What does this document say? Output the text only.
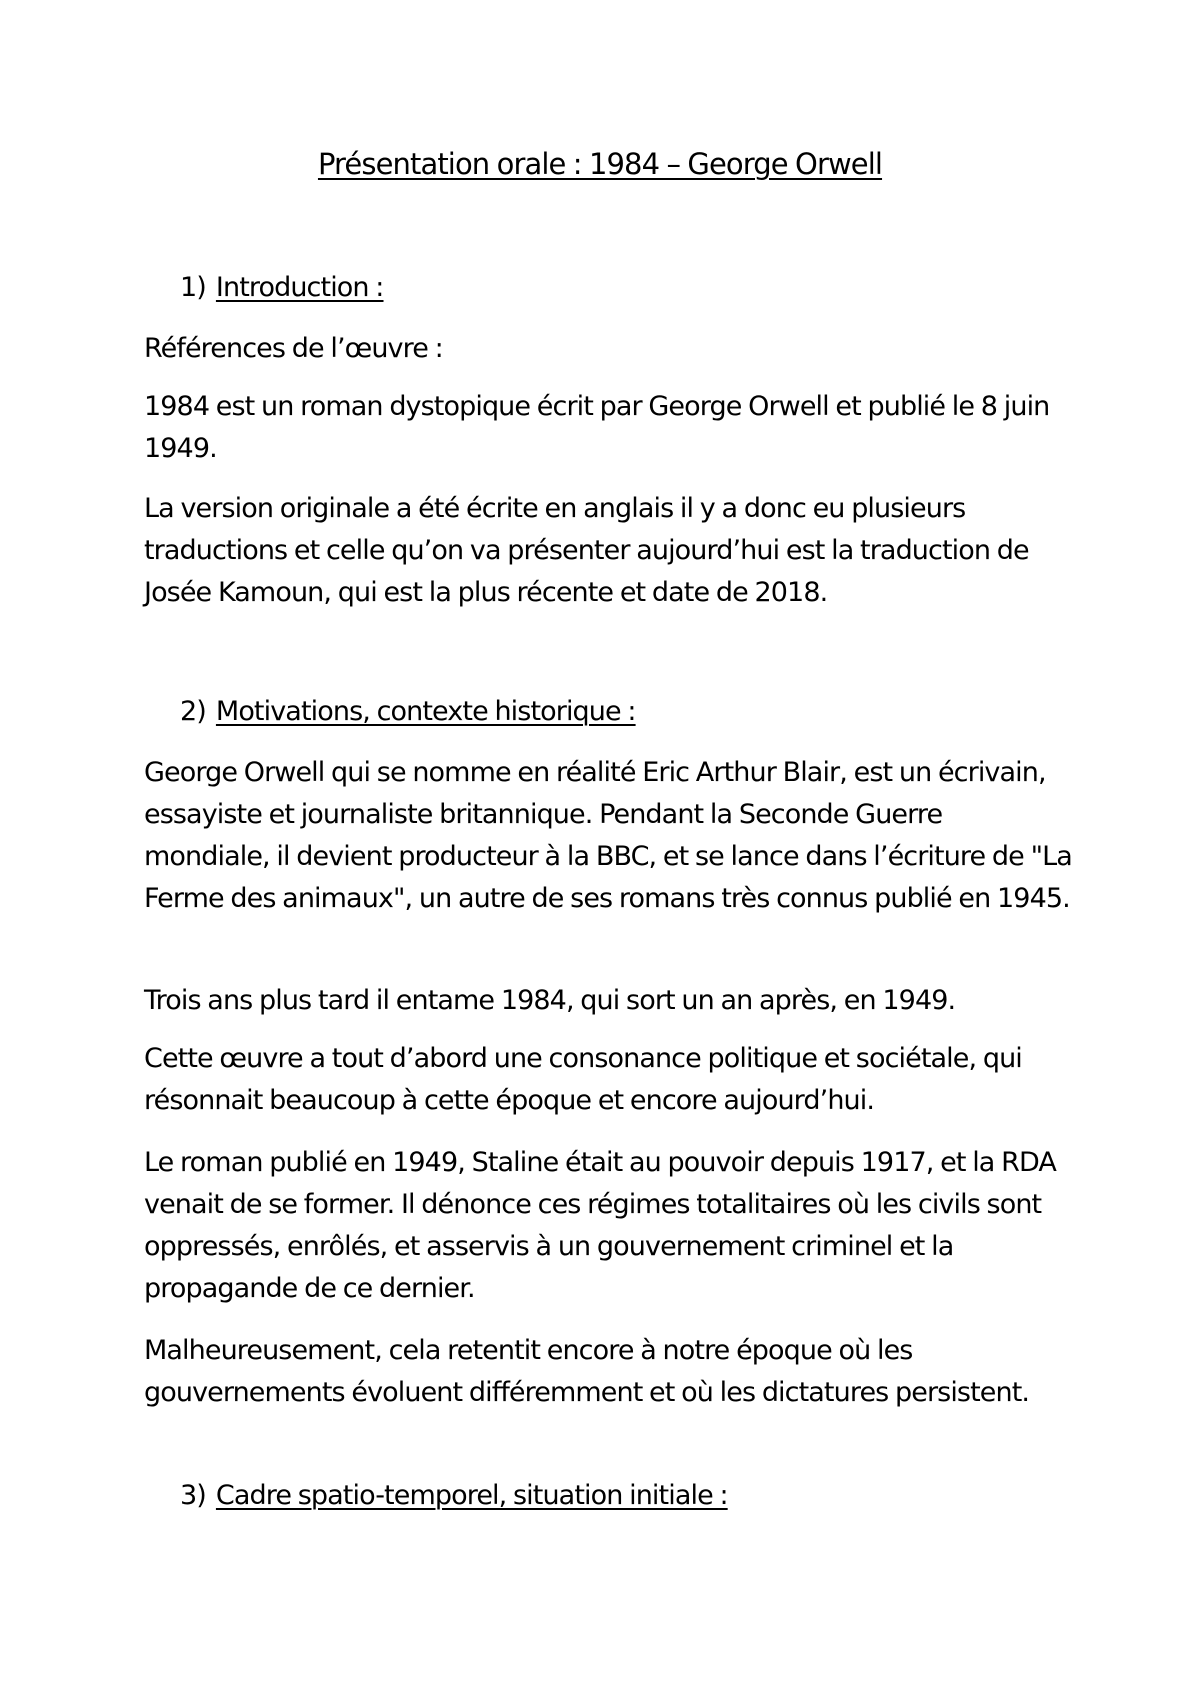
Présentation orale : 1984 – George Orwell
1) Introduction :

Références de l’œuvre :

1984 est un roman dystopique écrit par George Orwell et publié le 8 juin 1949.

La version originale a été écrite en anglais il y a donc eu plusieurs traductions et celle qu’on va présenter aujourd’hui est la traduction de Josée Kamoun, qui est la plus récente et date de 2018.

2) Motivations, contexte historique :

George Orwell qui se nomme en réalité Eric Arthur Blair, est un écrivain, essayiste et journaliste britannique. Pendant la Seconde Guerre mondiale, il devient producteur à la BBC, et se lance dans l’écriture de "La Ferme des animaux", un autre de ses romans très connus publié en 1945.

Trois ans plus tard il entame 1984, qui sort un an après, en 1949.

Cette œuvre a tout d’abord une consonance politique et sociétale, qui résonnait beaucoup à cette époque et encore aujourd’hui.

Le roman publié en 1949, Staline était au pouvoir depuis 1917, et la RDA venait de se former. Il dénonce ces régimes totalitaires où les civils sont oppressés, enrôlés, et asservis à un gouvernement criminel et la propagande de ce dernier.

Malheureusement, cela retentit encore à notre époque où les gouvernements évoluent différemment et où les dictatures persistent.

3) Cadre spatio-temporel, situation initiale :
